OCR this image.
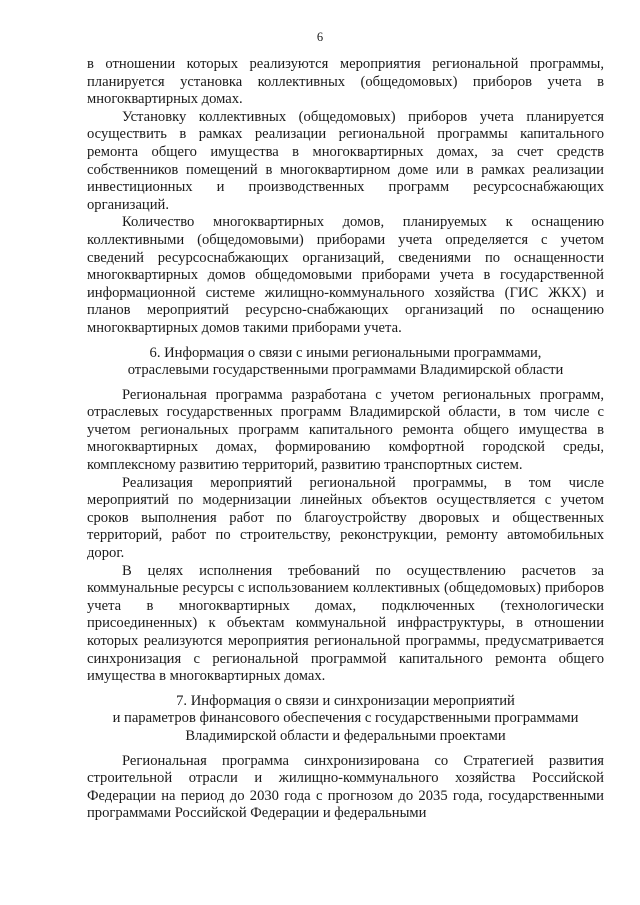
6

в отношении которых реализуются мероприятия региональной программы, планируется установка коллективных (общедомовых) приборов учета в многоквартирных домах.

Установку коллективных (общедомовых) приборов учета планируется осуществить в рамках реализации региональной программы капитального ремонта общего имущества в многоквартирных домах, за счет средств собственников помещений в многоквартирном доме или в рамках реализации инвестиционных и производственных программ ресурсоснабжающих организаций.

Количество многоквартирных домов, планируемых к оснащению коллективными (общедомовыми) приборами учета определяется с учетом сведений ресурсоснабжающих организаций, сведениями по оснащенности многоквартирных домов общедомовыми приборами учета в государственной информационной системе жилищно-коммунального хозяйства (ГИС ЖКХ) и планов мероприятий ресурсно-снабжающих организаций по оснащению многоквартирных домов такими приборами учета.

6. Информация о связи с иными региональными программами,
отраслевыми государственными программами Владимирской области

Региональная программа разработана с учетом региональных программ, отраслевых государственных программ Владимирской области, в том числе с учетом региональных программ капитального ремонта общего имущества в многоквартирных домах, формированию комфортной городской среды, комплексному развитию территорий, развитию транспортных систем.

Реализация мероприятий региональной программы, в том числе мероприятий по модернизации линейных объектов осуществляется с учетом сроков выполнения работ по благоустройству дворовых и общественных территорий, работ по строительству, реконструкции, ремонту автомобильных дорог.

В целях исполнения требований по осуществлению расчетов за коммунальные ресурсы с использованием коллективных (общедомовых) приборов учета в многоквартирных домах, подключенных (технологически присоединенных) к объектам коммунальной инфраструктуры, в отношении которых реализуются мероприятия региональной программы, предусматривается синхронизация с региональной программой капитального ремонта общего имущества в многоквартирных домах.

7. Информация о связи и синхронизации мероприятий
и параметров финансового обеспечения с государственными программами
Владимирской области и федеральными проектами

Региональная программа синхронизирована со Стратегией развития строительной отрасли и жилищно-коммунального хозяйства Российской Федерации на период до 2030 года с прогнозом до 2035 года, государственными программами Российской Федерации и федеральными
